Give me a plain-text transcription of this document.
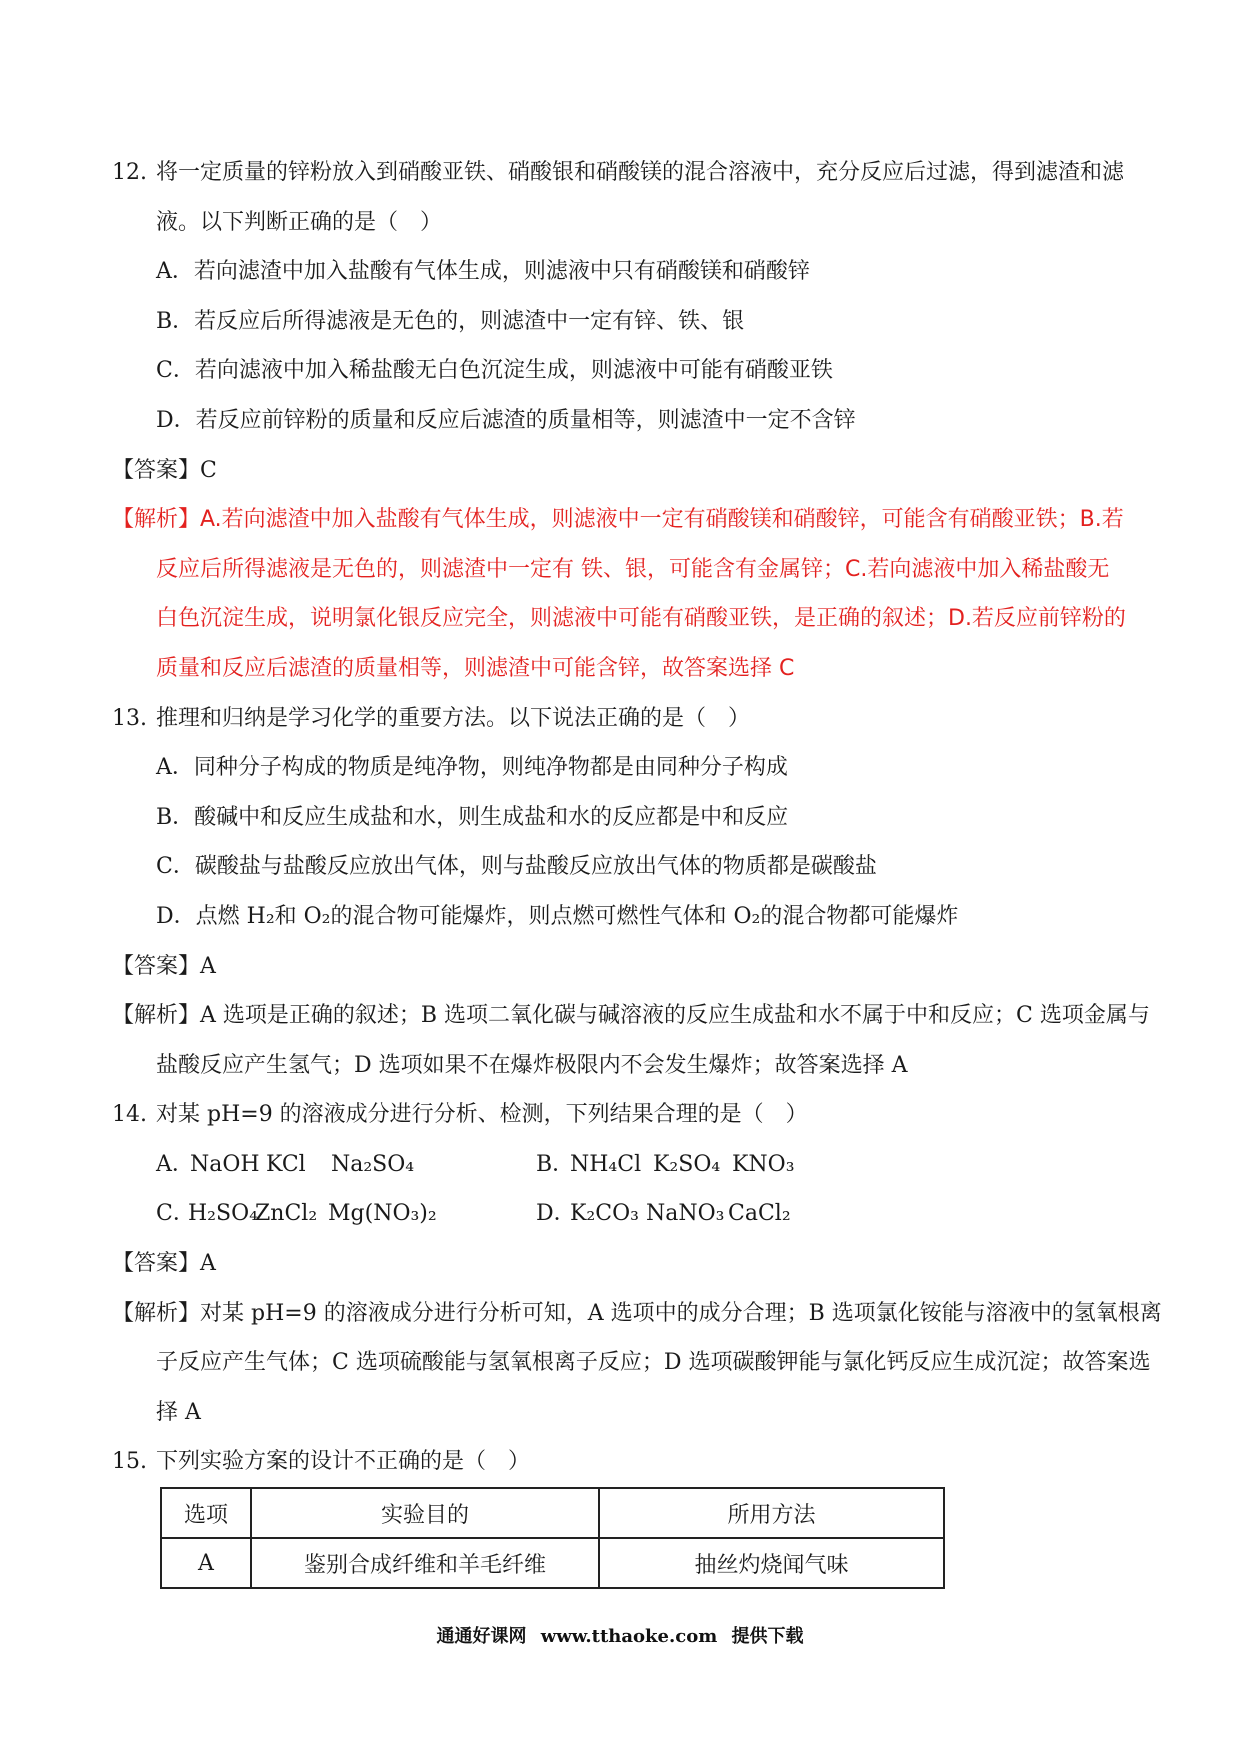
12. 将一定质量的锌粉放入到硝酸亚铁、硝酸银和硝酸镁的混合溶液中，充分反应后过滤，得到滤渣和滤
液。以下判断正确的是（　）
A．若向滤渣中加入盐酸有气体生成，则滤液中只有硝酸镁和硝酸锌
B．若反应后所得滤液是无色的，则滤渣中一定有锌、铁、银
C．若向滤液中加入稀盐酸无白色沉淀生成，则滤液中可能有硝酸亚铁
D．若反应前锌粉的质量和反应后滤渣的质量相等，则滤渣中一定不含锌
【答案】C
【解析】A.若向滤渣中加入盐酸有气体生成，则滤液中一定有硝酸镁和硝酸锌，可能含有硝酸亚铁；B.若
反应后所得滤液是无色的，则滤渣中一定有 铁、银，可能含有金属锌；C.若向滤液中加入稀盐酸无
白色沉淀生成，说明氯化银反应完全，则滤液中可能有硝酸亚铁，是正确的叙述；D.若反应前锌粉的
质量和反应后滤渣的质量相等，则滤渣中可能含锌，故答案选择 C
13. 推理和归纳是学习化学的重要方法。以下说法正确的是（　）
A．同种分子构成的物质是纯净物，则纯净物都是由同种分子构成
B．酸碱中和反应生成盐和水，则生成盐和水的反应都是中和反应
C．碳酸盐与盐酸反应放出气体，则与盐酸反应放出气体的物质都是碳酸盐
D．点燃 H₂和 O₂的混合物可能爆炸，则点燃可燃性气体和 O₂的混合物都可能爆炸
【答案】A
【解析】A 选项是正确的叙述；B 选项二氧化碳与碱溶液的反应生成盐和水不属于中和反应；C 选项金属与
盐酸反应产生氢气；D 选项如果不在爆炸极限内不会发生爆炸；故答案选择 A
14. 对某 pH=9 的溶液成分进行分析、检测，下列结果合理的是（　）
A．
NaOH KCl Na₂SO₄	B．
NH₄Cl K₂SO₄ KNO₃
C．
H₂SO₄
ZnCl₂ Mg(NO₃)₂	D．
K₂CO₃ NaNO₃ CaCl₂
【答案】A
【解析】对某 pH=9 的溶液成分进行分析可知，A 选项中的成分合理；B 选项氯化铵能与溶液中的氢氧根离
子反应产生气体；C 选项硫酸能与氢氧根离子反应；D 选项碳酸钾能与氯化钙反应生成沉淀；故答案选
择 A
15. 下列实验方案的设计不正确的是（　）
选项	实验目的	所用方法
A	鉴别合成纤维和羊毛纤维	抽丝灼烧闻气味
通通好课网 www.tthaoke.com 提供下载
